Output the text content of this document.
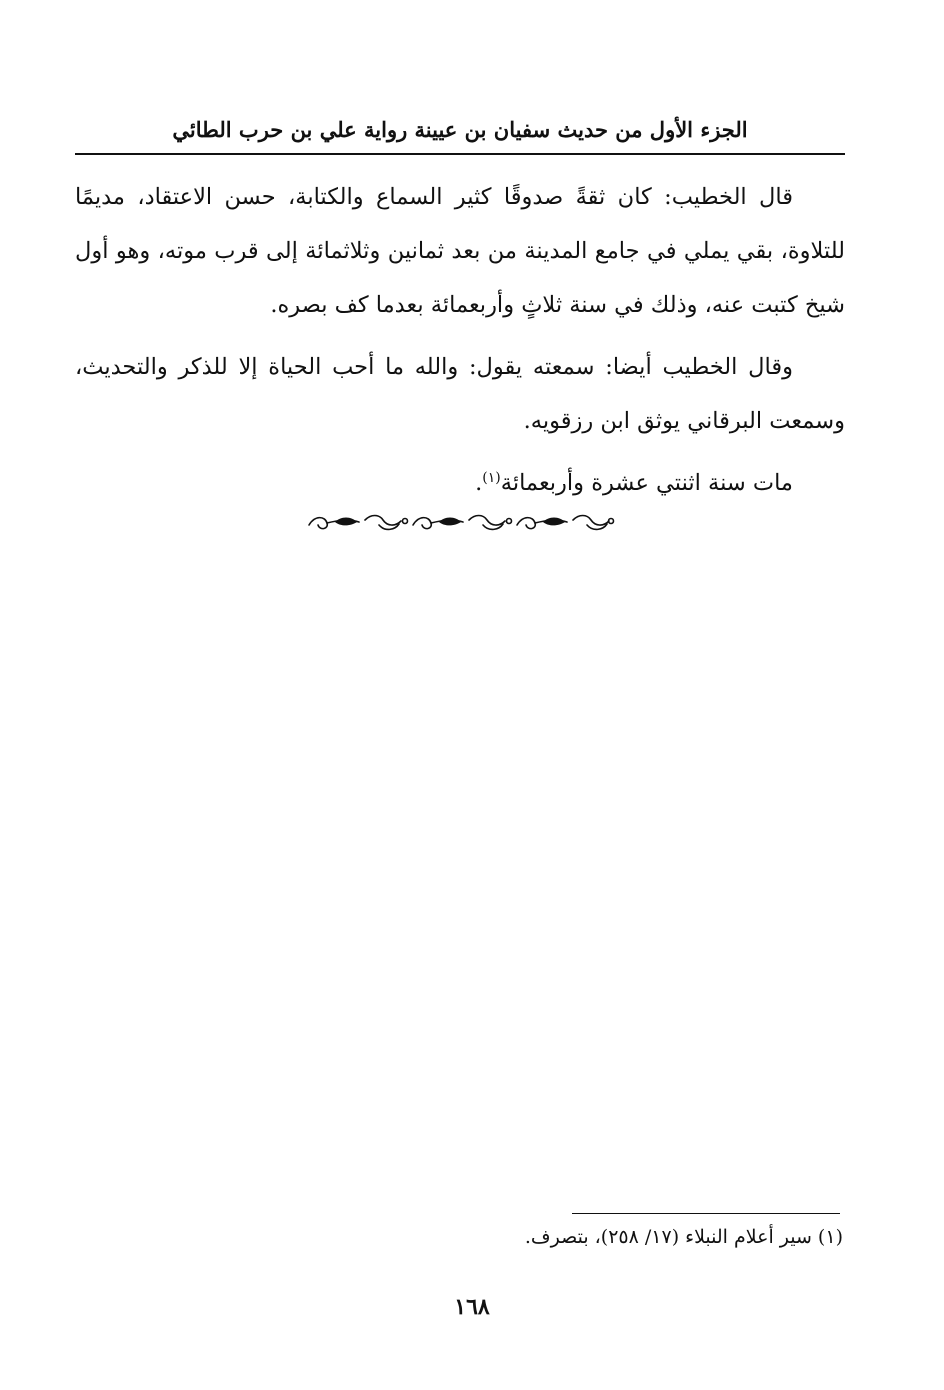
الجزء الأول من حديث سفيان بن عيينة رواية علي بن حرب الطائي

قال الخطيب: كان ثقةً صدوقًا كثير السماع والكتابة، حسن الاعتقاد، مديمًا للتلاوة، بقي يملي في جامع المدينة من بعد ثمانين وثلاثمائة إلى قرب موته، وهو أول شيخ كتبت عنه، وذلك في سنة ثلاثٍ وأربعمائة بعدما كف بصره.

وقال الخطيب أيضا: سمعته يقول: والله ما أحب الحياة إلا للذكر والتحديث، وسمعت البرقاني يوثق ابن رزقويه.

مات سنة اثنتي عشرة وأربعمائة$^{(١)}$.

(١) سير أعلام النبلاء (١٧/ ٢٥٨)، بتصرف.
١٦٨
